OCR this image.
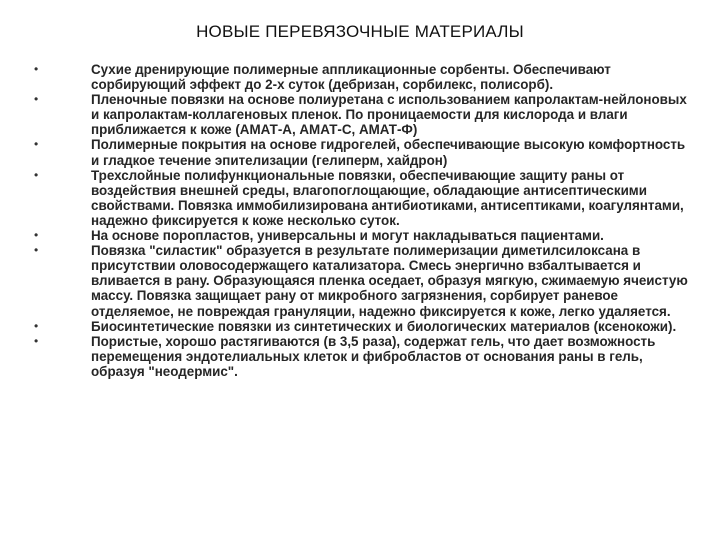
НОВЫЕ ПЕРЕВЯЗОЧНЫЕ МАТЕРИАЛЫ
•	Сухие дренирующие полимерные аппликационные сорбенты. Обеспечивают сорбирующий эффект до 2-х суток (дебризан, сорбилекс, полисорб).
•	Пленочные повязки на основе полиуретана с использованием капролактам-нейлоновых и капролактам-коллагеновых пленок. По проницаемости для кислорода и влаги приближается к коже (АМАТ-А, АМАТ-С, АМАТ-Ф)
•	Полимерные покрытия на основе гидрогелей, обеспечивающие высокую комфортность и гладкое течение эпителизации (гелиперм, хайдрон)
•	Трехслойные полифункциональные повязки, обеспечивающие защиту раны от воздействия внешней среды, влагопоглощающие, обладающие антисептическими свойствами. Повязка иммобилизирована антибиотиками, антисептиками, коагулянтами, надежно фиксируется к коже несколько суток.
•	На основе поропластов, универсальны и могут накладываться пациентами.
•	Повязка "силастик" образуется в результате полимеризации диметилсилоксана в присутствии оловосодержащего катализатора. Смесь энергично взбалтывается и вливается в рану. Образующаяся пленка оседает, образуя мягкую, сжимаемую ячеистую массу. Повязка защищает рану от микробного загрязнения, сорбирует раневое отделяемое, не повреждая грануляции, надежно фиксируется к коже, легко удаляется.
•	Биосинтетические повязки из синтетических и биологических материалов (ксенокожи).
•	Пористые, хорошо растягиваются (в 3,5 раза), содержат гель, что дает возможность перемещения эндотелиальных клеток и фибробластов от основания раны в гель, образуя "неодермис".
